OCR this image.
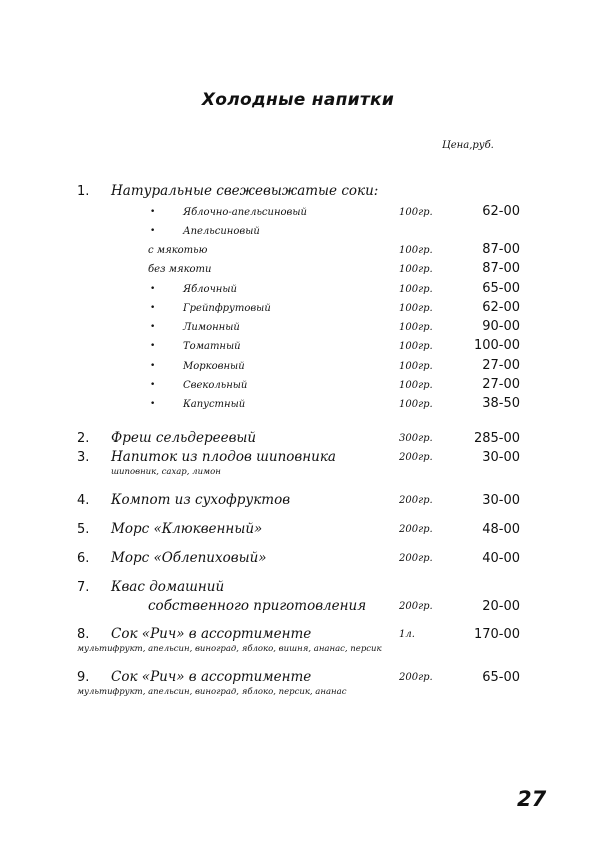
Холодные напитки
Цена,руб.
1. Натуральные свежевыжатые соки:
•	Яблочно-апельсиновый	100гр.	62-00
•	Апельсиновый
с мякотью	100гр.	87-00
без мякоти	100гр.	87-00
•	Яблочный	100гр.	65-00
•	Грейпфрутовый	100гр.	62-00
•	Лимонный	100гр.	90-00
•	Томатный	100гр.	100-00
•	Морковный	100гр.	27-00
•	Свекольный	100гр.	27-00
•	Капустный	100гр.	38-50
2. Фреш сельдереевый	300гр.	285-00
3. Напиток из плодов шиповника	200гр.	30-00
шиповник, сахар, лимон
4. Компот из сухофруктов	200гр.	30-00
5. Морс «Клюквенный»	200гр.	48-00
6. Морс «Облепиховый»	200гр.	40-00
7. Квас домашний
собственного приготовления	200гр.	20-00
8. Сок «Рич» в ассортименте	1л.	170-00
мультифрукт, апельсин, виноград, яблоко, вишня, ананас, персик
9. Сок «Рич» в ассортименте	200гр.	65-00
мультифрукт, апельсин, виноград, яблоко, персик, ананас
27
